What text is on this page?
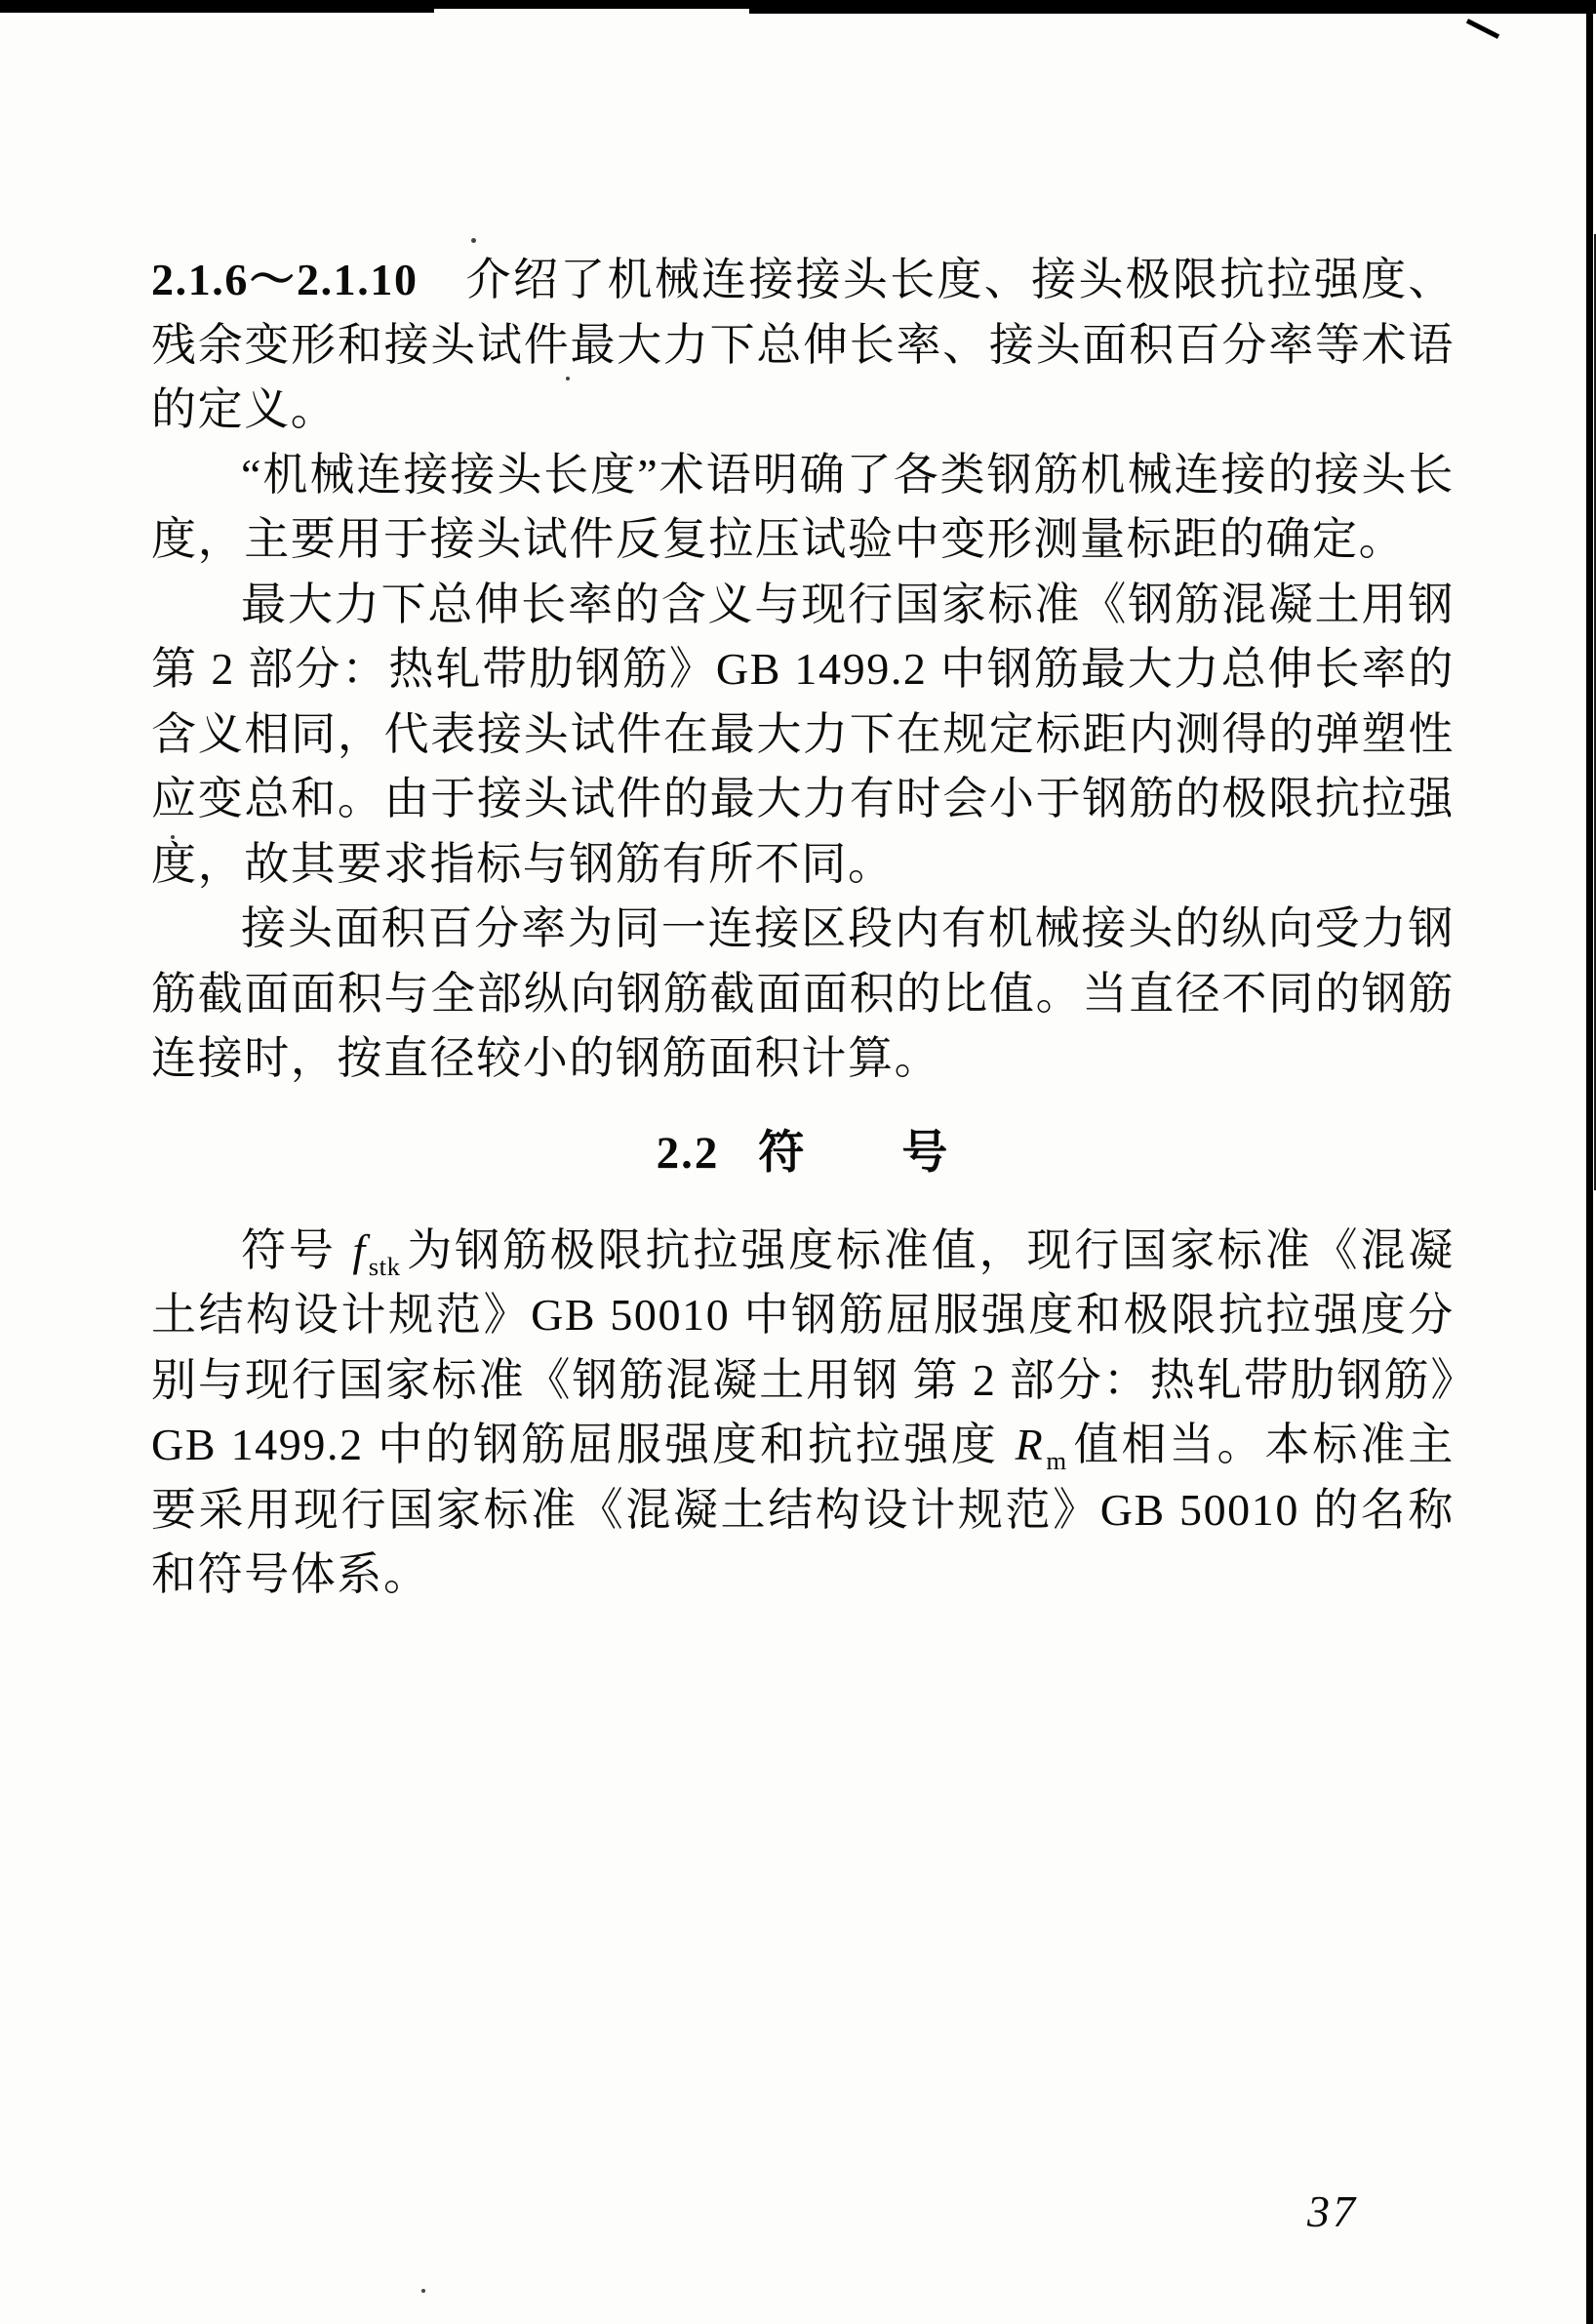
2.1.6～2.1.10　介绍了机械连接接头长度、接头极限抗拉强度、残余变形和接头试件最大力下总伸长率、接头面积百分率等术语的定义。

“机械连接接头长度”术语明确了各类钢筋机械连接的接头长度，主要用于接头试件反复拉压试验中变形测量标距的确定。

最大力下总伸长率的含义与现行国家标准《钢筋混凝土用钢 第 2 部分：热轧带肋钢筋》GB 1499.2 中钢筋最大力总伸长率的含义相同，代表接头试件在最大力下在规定标距内测得的弹塑性应变总和。由于接头试件的最大力有时会小于钢筋的极限抗拉强度，故其要求指标与钢筋有所不同。

接头面积百分率为同一连接区段内有机械接头的纵向受力钢筋截面面积与全部纵向钢筋截面面积的比值。当直径不同的钢筋连接时，按直径较小的钢筋面积计算。

2.2 符　　号

符号 $f_{stk}$ 为钢筋极限抗拉强度标准值，现行国家标准《混凝土结构设计规范》GB 50010 中钢筋屈服强度和极限抗拉强度分别与现行国家标准《钢筋混凝土用钢 第 2 部分：热轧带肋钢筋》GB 1499.2 中的钢筋屈服强度和抗拉强度 $R_m$ 值相当。本标准主要采用现行国家标准《混凝土结构设计规范》GB 50010 的名称和符号体系。

37
